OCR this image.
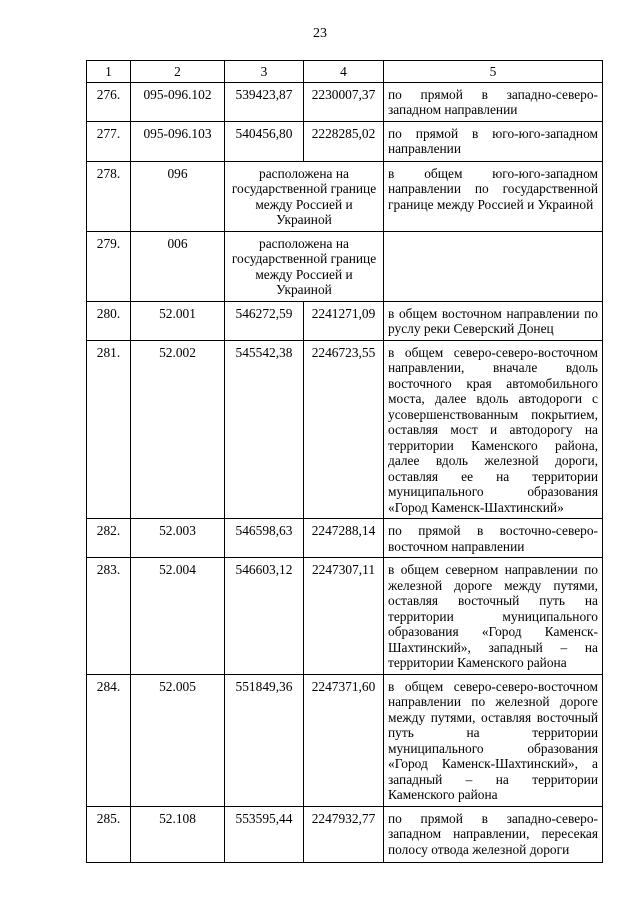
23
1	2	3	4	5
276.	095-096.102	539423,87	2230007,37	по прямой в западно-северо-западном направлении
277.	095-096.103	540456,80	2228285,02	по прямой в юго-юго-западном направлении
278.	096	расположена на государственной границе между Россией и Украиной		в общем юго-юго-западном направлении по государственной границе между Россией и Украиной
279.	006	расположена на государственной границе между Россией и Украиной		
280.	52.001	546272,59	2241271,09	в общем восточном направлении по руслу реки Северский Донец
281.	52.002	545542,38	2246723,55	в общем северо-северо-восточном направлении, вначале вдоль восточного края автомобильного моста, далее вдоль автодороги с усовершенствованным покрытием, оставляя мост и автодорогу на территории Каменского района, далее вдоль железной дороги, оставляя ее на территории муниципального образования «Город Каменск-Шахтинский»
282.	52.003	546598,63	2247288,14	по прямой в восточно-северо-восточном направлении
283.	52.004	546603,12	2247307,11	в общем северном направлении по железной дороге между путями, оставляя восточный путь на территории муниципального образования «Город Каменск-Шахтинский», западный – на территории Каменского района
284.	52.005	551849,36	2247371,60	в общем северо-северо-восточном направлении по железной дороге между путями, оставляя восточный путь на территории муниципального образования «Город Каменск-Шахтинский», а западный – на территории Каменского района
285.	52.108	553595,44	2247932,77	по прямой в западно-северо-западном направлении, пересекая полосу отвода железной дороги
